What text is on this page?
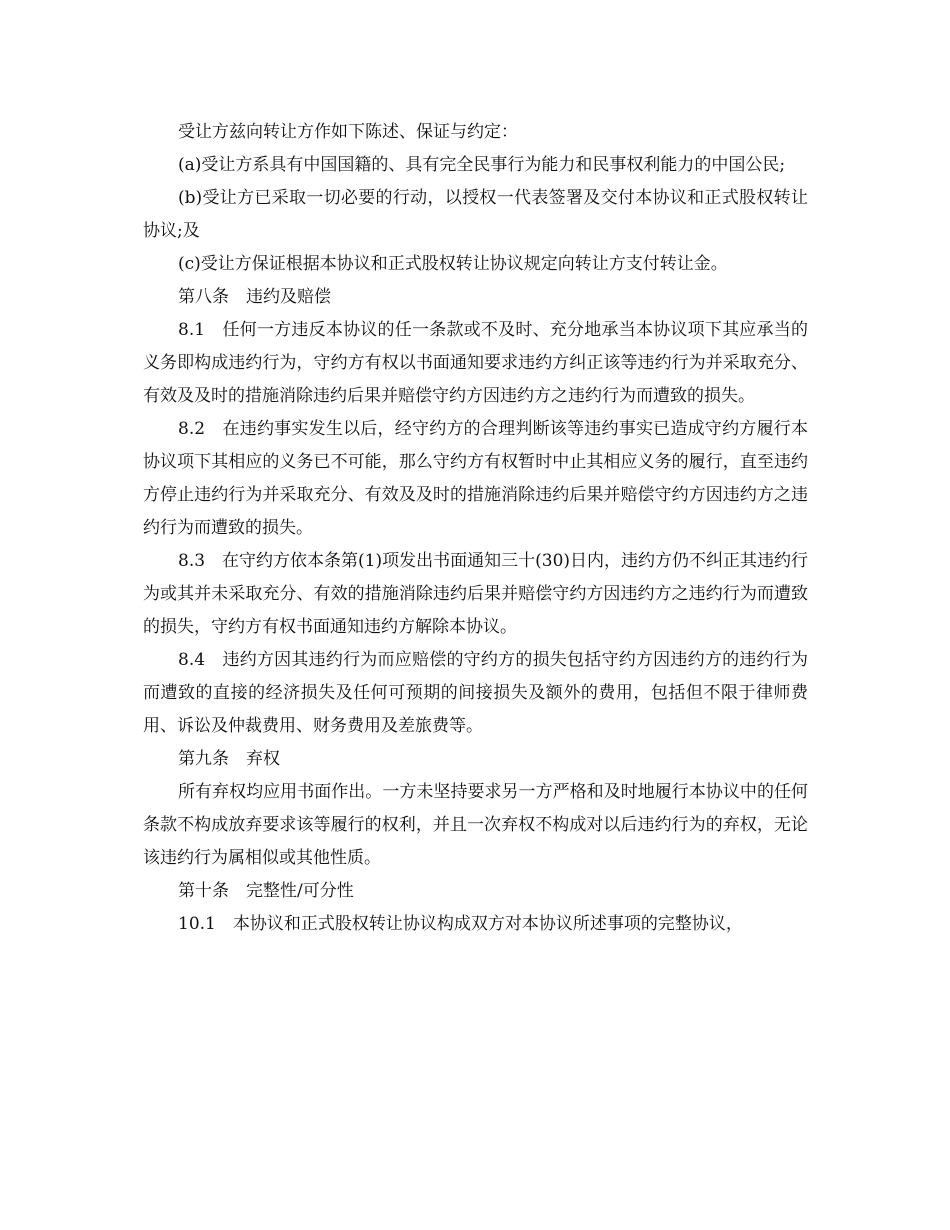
受让方兹向转让方作如下陈述、保证与约定：

(a)受让方系具有中国国籍的、具有完全民事行为能力和民事权利能力的中国公民;

(b)受让方已采取一切必要的行动，以授权一代表签署及交付本协议和正式股权转让协议;及

(c)受让方保证根据本协议和正式股权转让协议规定向转让方支付转让金。

第八条　违约及赔偿

8.1　任何一方违反本协议的任一条款或不及时、充分地承当本协议项下其应承当的义务即构成违约行为，守约方有权以书面通知要求违约方纠正该等违约行为并采取充分、有效及及时的措施消除违约后果并赔偿守约方因违约方之违约行为而遭致的损失。

8.2　在违约事实发生以后，经守约方的合理判断该等违约事实已造成守约方履行本协议项下其相应的义务已不可能，那么守约方有权暂时中止其相应义务的履行，直至违约方停止违约行为并采取充分、有效及及时的措施消除违约后果并赔偿守约方因违约方之违约行为而遭致的损失。

8.3　在守约方依本条第(1)项发出书面通知三十(30)日内，违约方仍不纠正其违约行为或其并未采取充分、有效的措施消除违约后果并赔偿守约方因违约方之违约行为而遭致的损失，守约方有权书面通知违约方解除本协议。

8.4　违约方因其违约行为而应赔偿的守约方的损失包括守约方因违约方的违约行为而遭致的直接的经济损失及任何可预期的间接损失及额外的费用，包括但不限于律师费用、诉讼及仲裁费用、财务费用及差旅费等。

第九条　弃权

所有弃权均应用书面作出。一方未坚持要求另一方严格和及时地履行本协议中的任何条款不构成放弃要求该等履行的权利，并且一次弃权不构成对以后违约行为的弃权，无论该违约行为属相似或其他性质。

第十条　完整性/可分性

10.1　本协议和正式股权转让协议构成双方对本协议所述事项的完整协议，
